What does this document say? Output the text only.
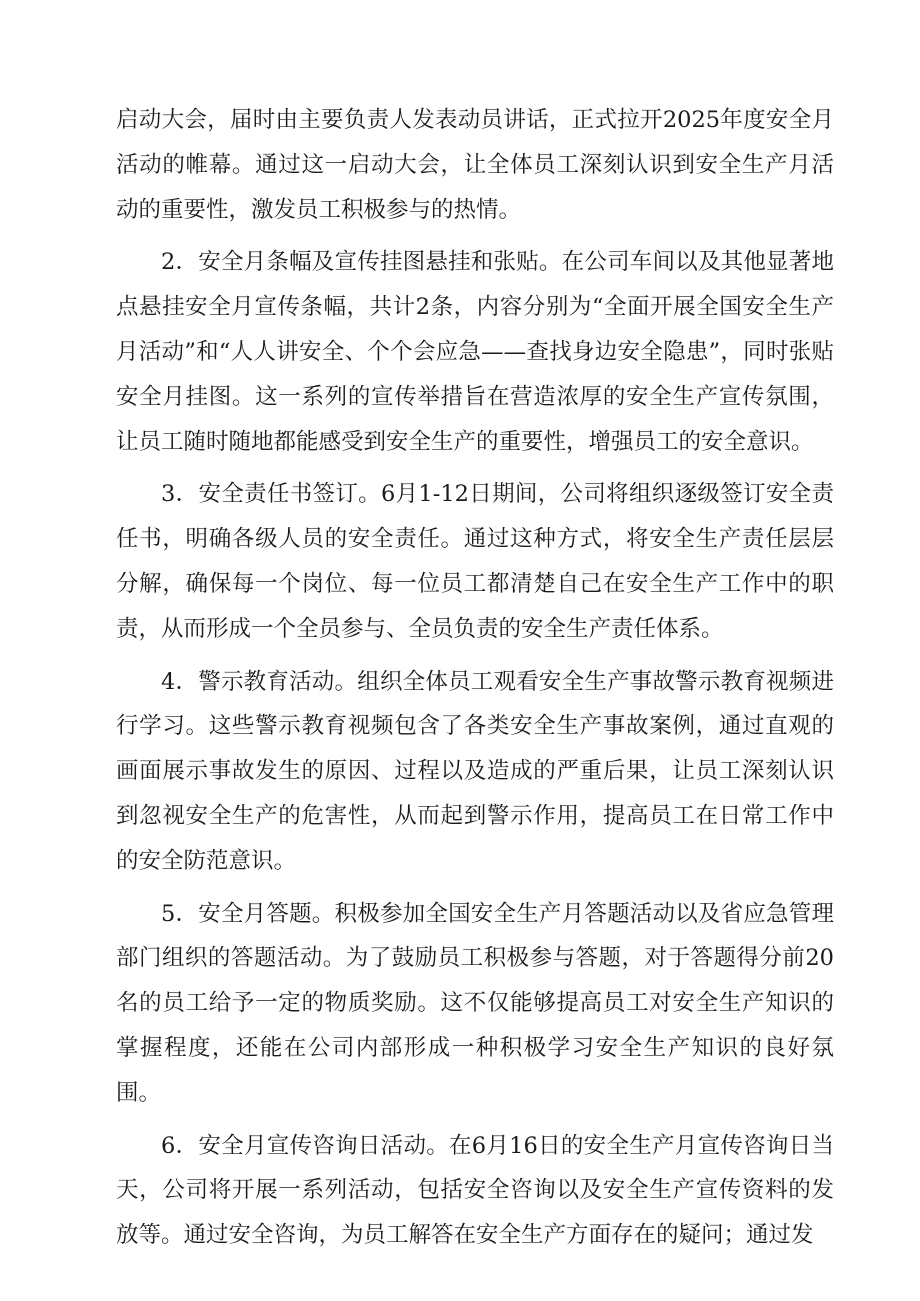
启动大会，届时由主要负责人发表动员讲话，正式拉开2025年度安全月活动的帷幕。通过这一启动大会，让全体员工深刻认识到安全生产月活动的重要性，激发员工积极参与的热情。

2．安全月条幅及宣传挂图悬挂和张贴。在公司车间以及其他显著地点悬挂安全月宣传条幅，共计2条，内容分别为“全面开展全国安全生产月活动”和“人人讲安全、个个会应急——查找身边安全隐患”，同时张贴安全月挂图。这一系列的宣传举措旨在营造浓厚的安全生产宣传氛围，让员工随时随地都能感受到安全生产的重要性，增强员工的安全意识。

3．安全责任书签订。6月1-12日期间，公司将组织逐级签订安全责任书，明确各级人员的安全责任。通过这种方式，将安全生产责任层层分解，确保每一个岗位、每一位员工都清楚自己在安全生产工作中的职责，从而形成一个全员参与、全员负责的安全生产责任体系。

4．警示教育活动。组织全体员工观看安全生产事故警示教育视频进行学习。这些警示教育视频包含了各类安全生产事故案例，通过直观的画面展示事故发生的原因、过程以及造成的严重后果，让员工深刻认识到忽视安全生产的危害性，从而起到警示作用，提高员工在日常工作中的安全防范意识。

5．安全月答题。积极参加全国安全生产月答题活动以及省应急管理部门组织的答题活动。为了鼓励员工积极参与答题，对于答题得分前20名的员工给予一定的物质奖励。这不仅能够提高员工对安全生产知识的掌握程度，还能在公司内部形成一种积极学习安全生产知识的良好氛围。

6．安全月宣传咨询日活动。在6月16日的安全生产月宣传咨询日当天，公司将开展一系列活动，包括安全咨询以及安全生产宣传资料的发放等。通过安全咨询，为员工解答在安全生产方面存在的疑问；通过发
